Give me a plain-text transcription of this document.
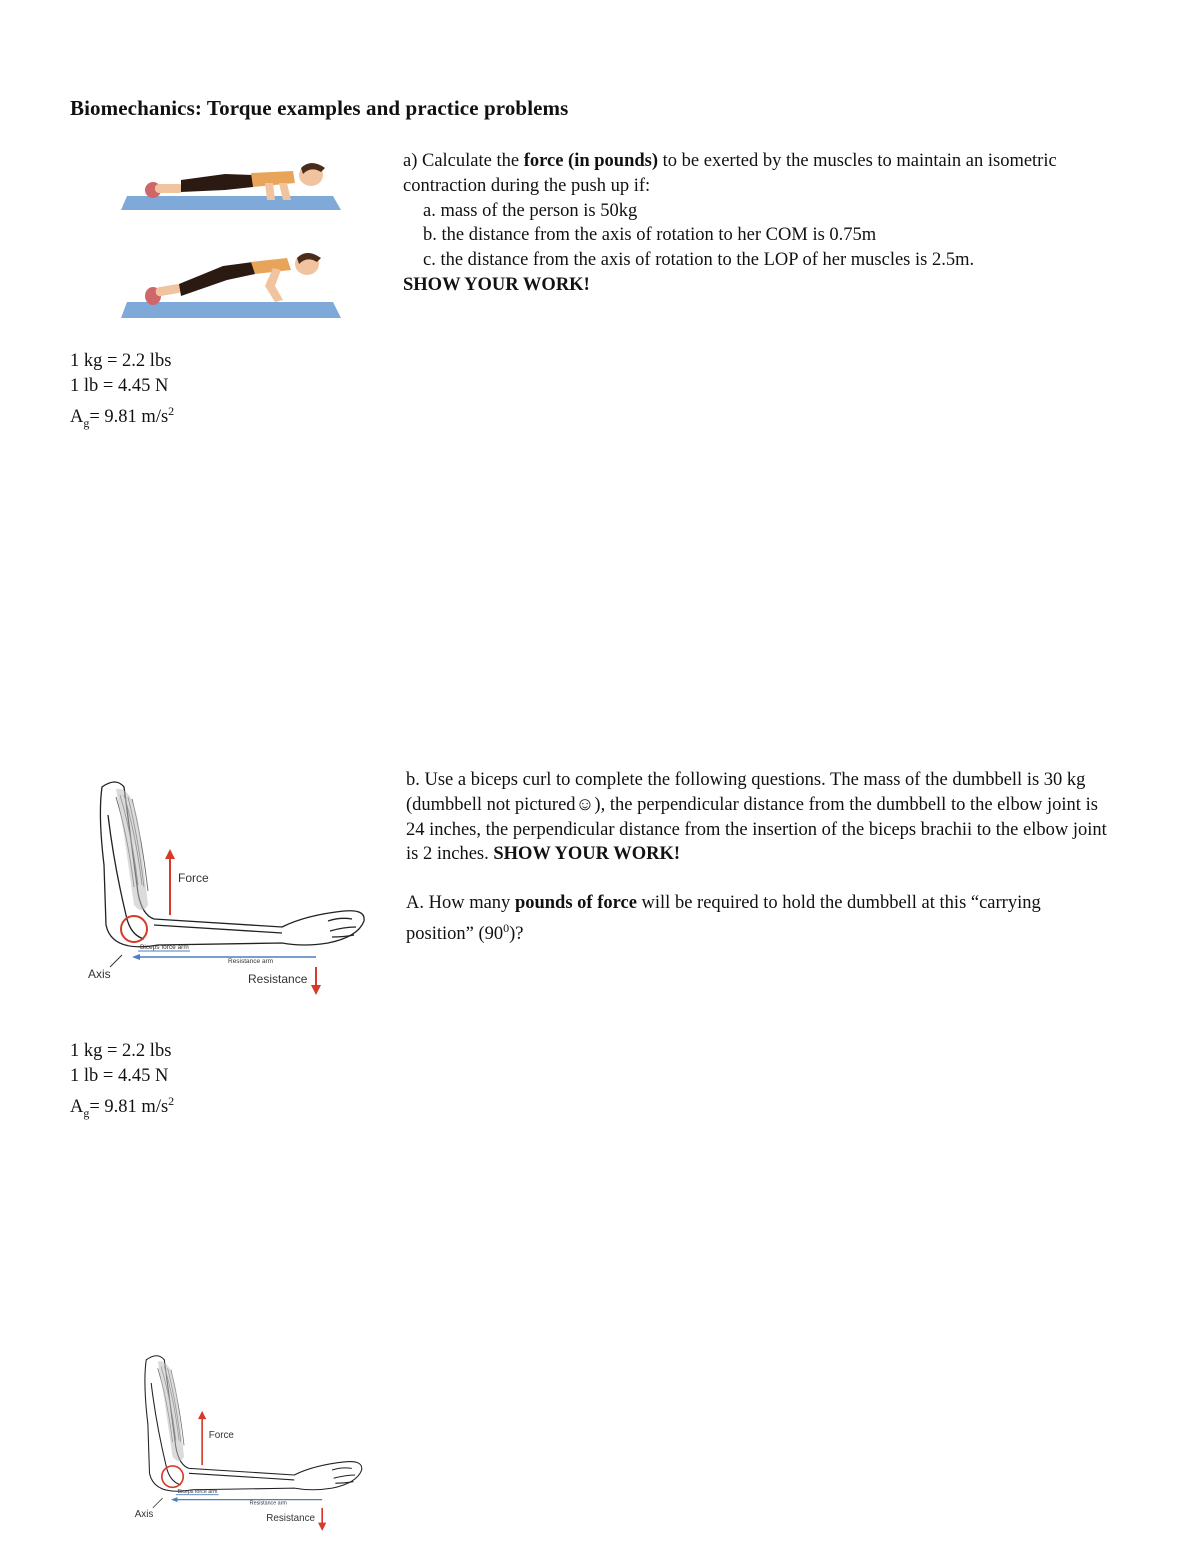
Biomechanics: Torque examples and practice problems
a) Calculate the force (in pounds) to be exerted by the muscles to maintain an isometric contraction during the push up if:
a. mass of the person is 50kg
b. the distance from the axis of rotation to her COM is 0.75m
c. the distance from the axis of rotation to the LOP of her muscles is 2.5m.
SHOW YOUR WORK!
1 kg = 2.2 lbs
1 lb = 4.45 N
$A_g= 9.81$ $m/s^2$
Force
Biceps force arm
Resistance arm
Resistance
Axis
b. Use a biceps curl to complete the following questions. The mass of the dumbbell is 30 kg (dumbbell not pictured☺), the perpendicular distance from the dumbbell to the elbow joint is 24 inches, the perpendicular distance from the insertion of the biceps brachii to the elbow joint is 2 inches. SHOW YOUR WORK!
A. How many pounds of force will be required to hold the dumbbell at this “carrying position” $(90^0)$?
1 kg = 2.2 lbs
1 lb = 4.45 N
$A_g= 9.81$ $m/s^2$
Force
Biceps force arm
Resistance arm
Resistance
Axis
